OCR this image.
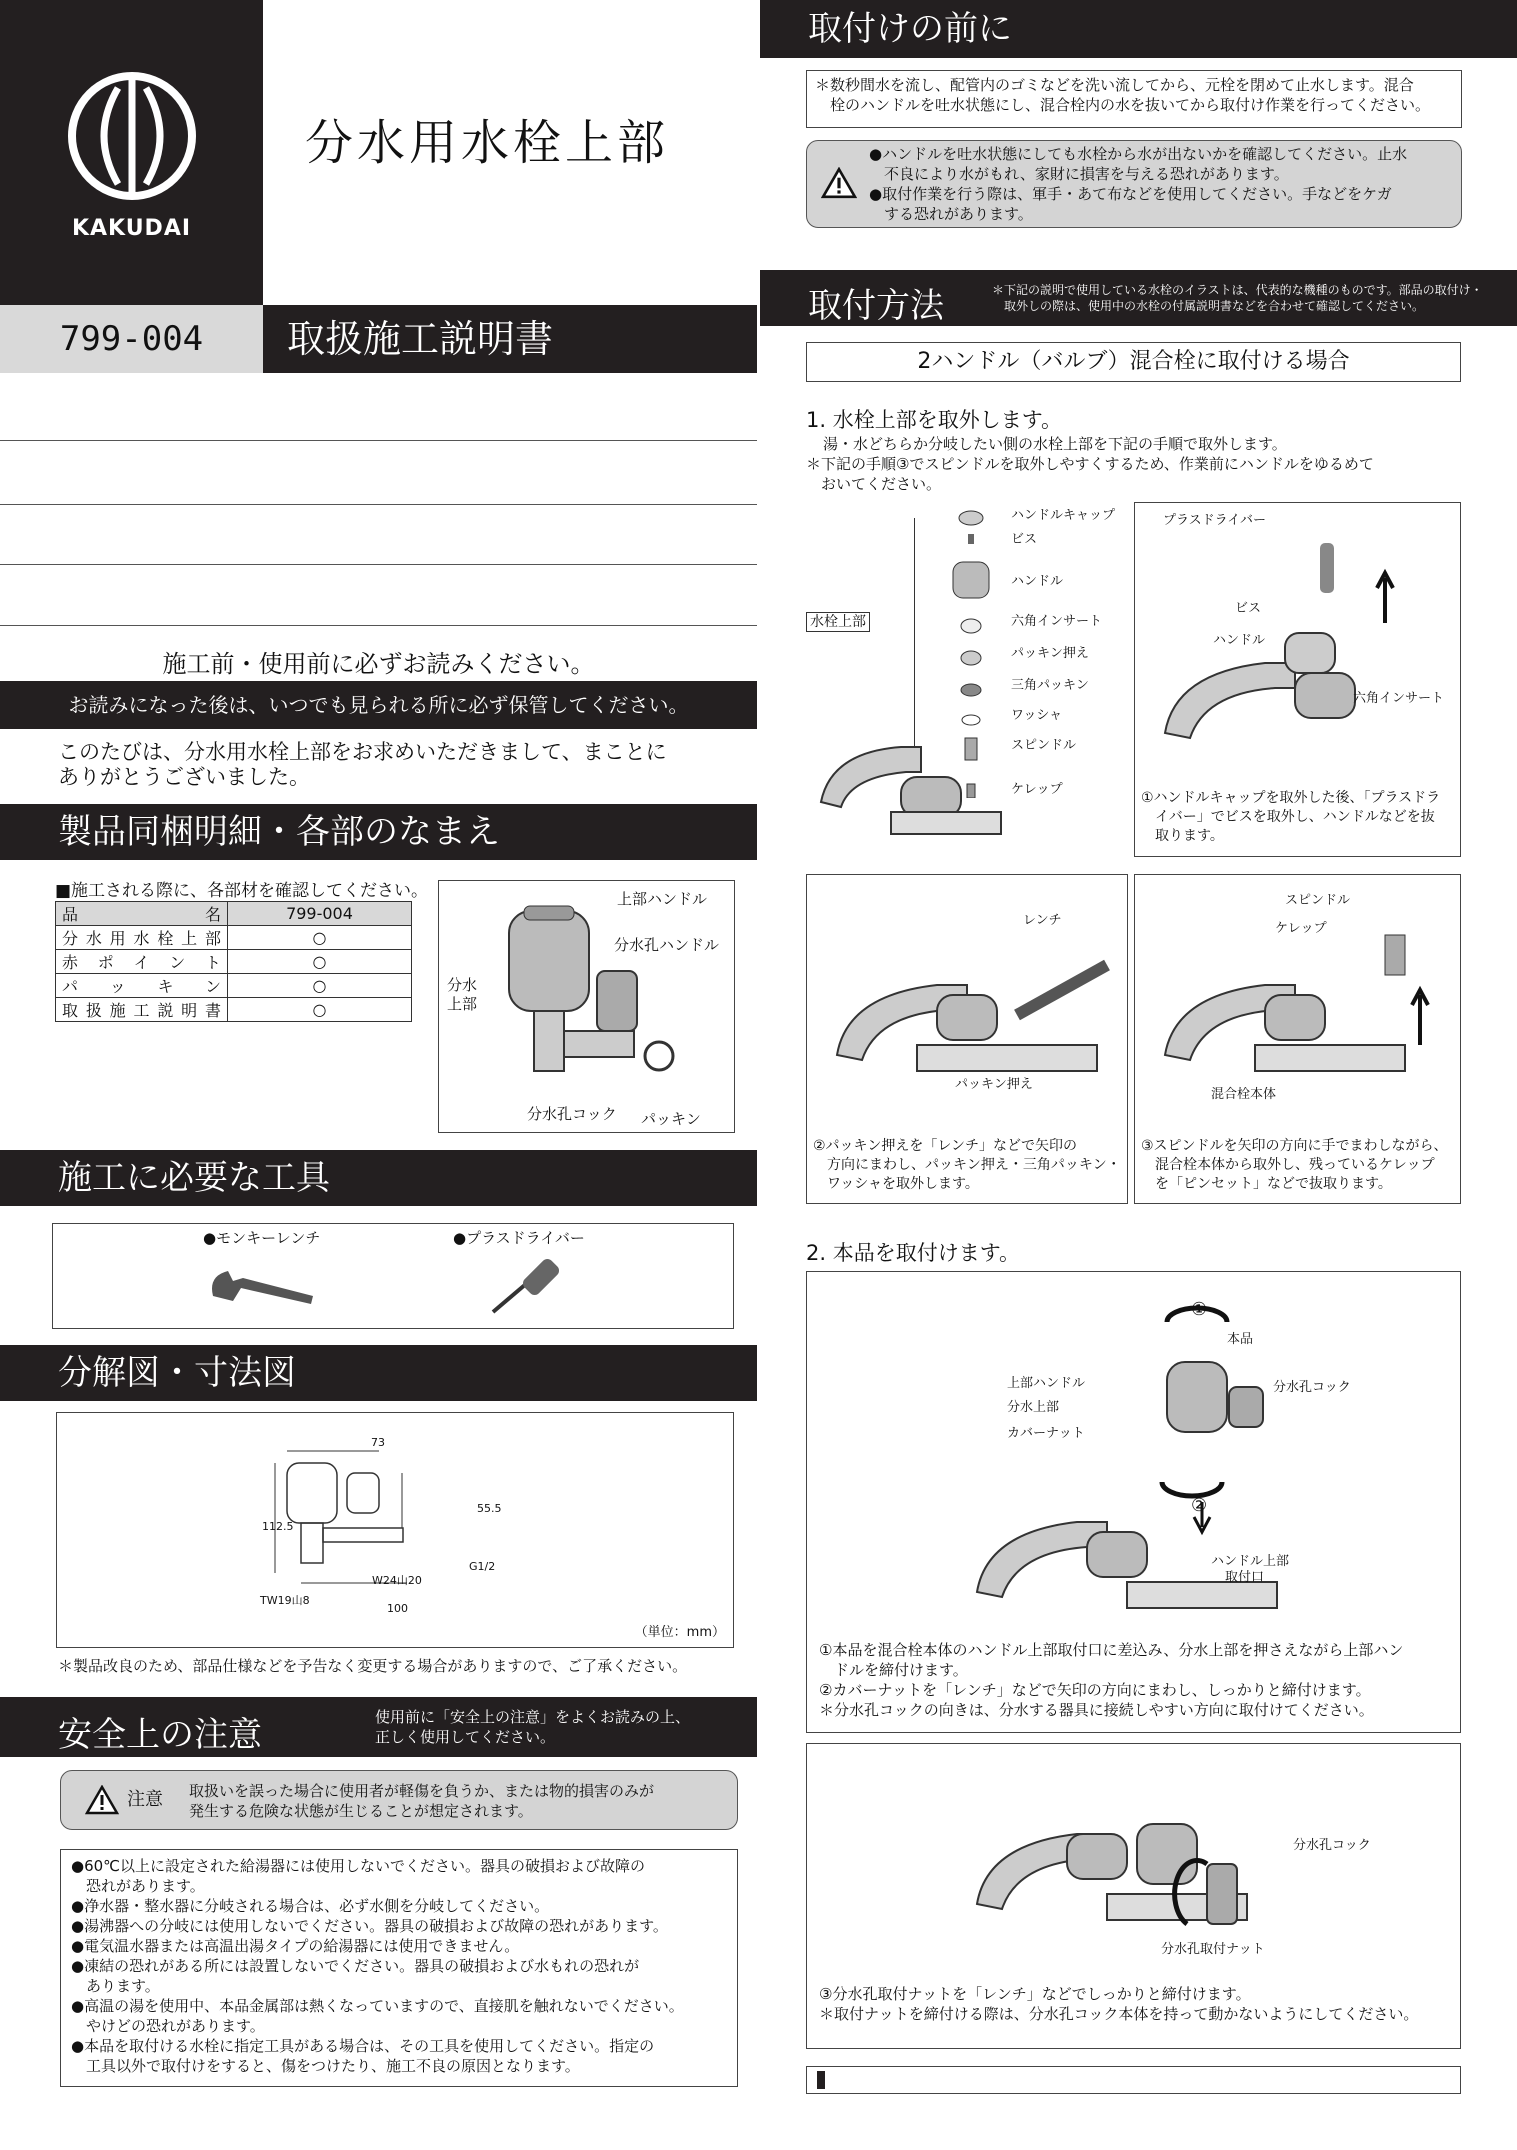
KAKUDAI
分水用水栓上部
799-004	取扱施工説明書
施工前・使用前に必ずお読みください。
お読みになった後は、いつでも見られる所に必ず保管してください。
このたびは、分水用水栓上部をお求めいただきまして、まことに
ありがとうございました。
製品同梱明細・各部のなまえ
■施工される際に、各部材を確認してください。
品　名	799-004
分水用水栓上部	○
赤ポイント	○
パッキン	○
取扱施工説明書	○
上部ハンドル
分水孔ハンドル
分水
上部
分水孔コック パッキン
施工に必要な工具
●モンキーレンチ	●プラスドライバー
分解図・寸法図
73
55.5
112.5
G1/2
W24山20
TW19山8
100
（単位：mm）
＊製品改良のため、部品仕様などを予告なく変更する場合がありますので、ご了承ください。
安全上の注意	使用前に「安全上の注意」をよくお読みの上、
正しく使用してください。
注意 取扱いを誤った場合に使用者が軽傷を負うか、または物的損害のみが
発生する危険な状態が生じることが想定されます。
●60℃以上に設定された給湯器には使用しないでください。器具の破損および故障の
　恐れがあります。
●浄水器・整水器に分岐される場合は、必ず水側を分岐してください。
●湯沸器への分岐には使用しないでください。器具の破損および故障の恐れがあります。
●電気温水器または高温出湯タイプの給湯器には使用できません。
●凍結の恐れがある所には設置しないでください。器具の破損および水もれの恐れが
　あります。
●高温の湯を使用中、本品金属部は熱くなっていますので、直接肌を触れないでください。
　やけどの恐れがあります。
●本品を取付ける水栓に指定工具がある場合は、その工具を使用してください。指定の
　工具以外で取付けをすると、傷をつけたり、施工不良の原因となります。
取付けの前に
＊数秒間水を流し、配管内のゴミなどを洗い流してから、元栓を閉めて止水します。混合
　栓のハンドルを吐水状態にし、混合栓内の水を抜いてから取付け作業を行ってください。
●ハンドルを吐水状態にしても水栓から水が出ないかを確認してください。止水
　不良により水がもれ、家財に損害を与える恐れがあります。
●取付作業を行う際は、軍手・あて布などを使用してください。手などをケガ
　する恐れがあります。
取付方法	＊下記の説明で使用している水栓のイラストは、代表的な機種のものです。部品の取付け・
　取外しの際は、使用中の水栓の付属説明書などを合わせて確認してください。
2ハンドル（バルブ）混合栓に取付ける場合
1. 水栓上部を取外します。
湯・水どちらか分岐したい側の水栓上部を下記の手順で取外します。
＊下記の手順③でスピンドルを取外しやすくするため、作業前にハンドルをゆるめて
　おいてください。
水栓上部
ハンドルキャップ
ビス
ハンドル
六角インサート
パッキン押え
三角パッキン
ワッシャ
スピンドル
ケレップ
プラスドライバー
ビス
ハンドル
六角インサート
①ハンドルキャップを取外した後、「プラスドラ
　イバー」でビスを取外し、ハンドルなどを抜
　取ります。
レンチ
パッキン押え
②パッキン押えを「レンチ」などで矢印の
　方向にまわし、パッキン押え・三角パッキン・
　ワッシャを取外します。
スピンドル
ケレップ
混合栓本体
③スピンドルを矢印の方向に手でまわしながら、
　混合栓本体から取外し、残っているケレップ
　を「ピンセット」などで抜取ります。
2. 本品を取付けます。
①
本品
上部ハンドル	分水孔コック
分水上部
カバーナット
②
ハンドル上部
取付口
①本品を混合栓本体のハンドル上部取付口に差込み、分水上部を押さえながら上部ハン
　ドルを締付けます。
②カバーナットを「レンチ」などで矢印の方向にまわし、しっかりと締付けます。
＊分水孔コックの向きは、分水する器具に接続しやすい方向に取付けてください。
分水孔コック
分水孔取付ナット
③分水孔取付ナットを「レンチ」などでしっかりと締付けます。
＊取付ナットを締付ける際は、分水孔コック本体を持って動かないようにしてください。
